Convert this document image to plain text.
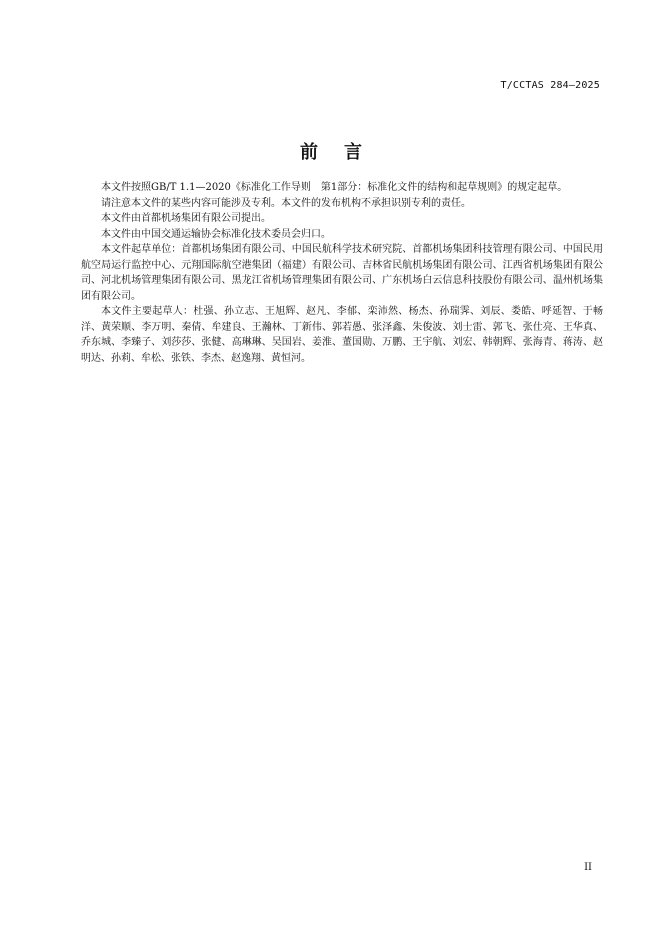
T/CCTAS 284—2025
前言

本文件按照GB/T 1.1—2020《标准化工作导则　第1部分：标准化文件的结构和起草规则》的规定起草。

请注意本文件的某些内容可能涉及专利。本文件的发布机构不承担识别专利的责任。

本文件由首都机场集团有限公司提出。

本文件由中国交通运输协会标准化技术委员会归口。

本文件起草单位：首都机场集团有限公司、中国民航科学技术研究院、首都机场集团科技管理有限公司、中国民用航空局运行监控中心、元翔国际航空港集团（福建）有限公司、吉林省民航机场集团有限公司、江西省机场集团有限公司、河北机场管理集团有限公司、黑龙江省机场管理集团有限公司、广东机场白云信息科技股份有限公司、温州机场集团有限公司。

本文件主要起草人：杜强、孙立志、王旭辉、赵凡、李郁、栾沛然、杨杰、孙瑞霁、刘辰、娄皓、呼延智、于畅洋、黄荣顺、李万明、秦倩、牟建良、王瀚林、丁新伟、郭若愚、张泽鑫、朱俊波、刘士雷、郭飞、张仕亮、王华真、乔东城、李臻子、刘莎莎、张健、高琳琳、吴国岩、姜淮、董国勋、万鹏、王宇航、刘宏、韩朝辉、张海青、蒋涛、赵明达、孙莉、牟松、张铁、李杰、赵逸翔、黄恒河。

II
